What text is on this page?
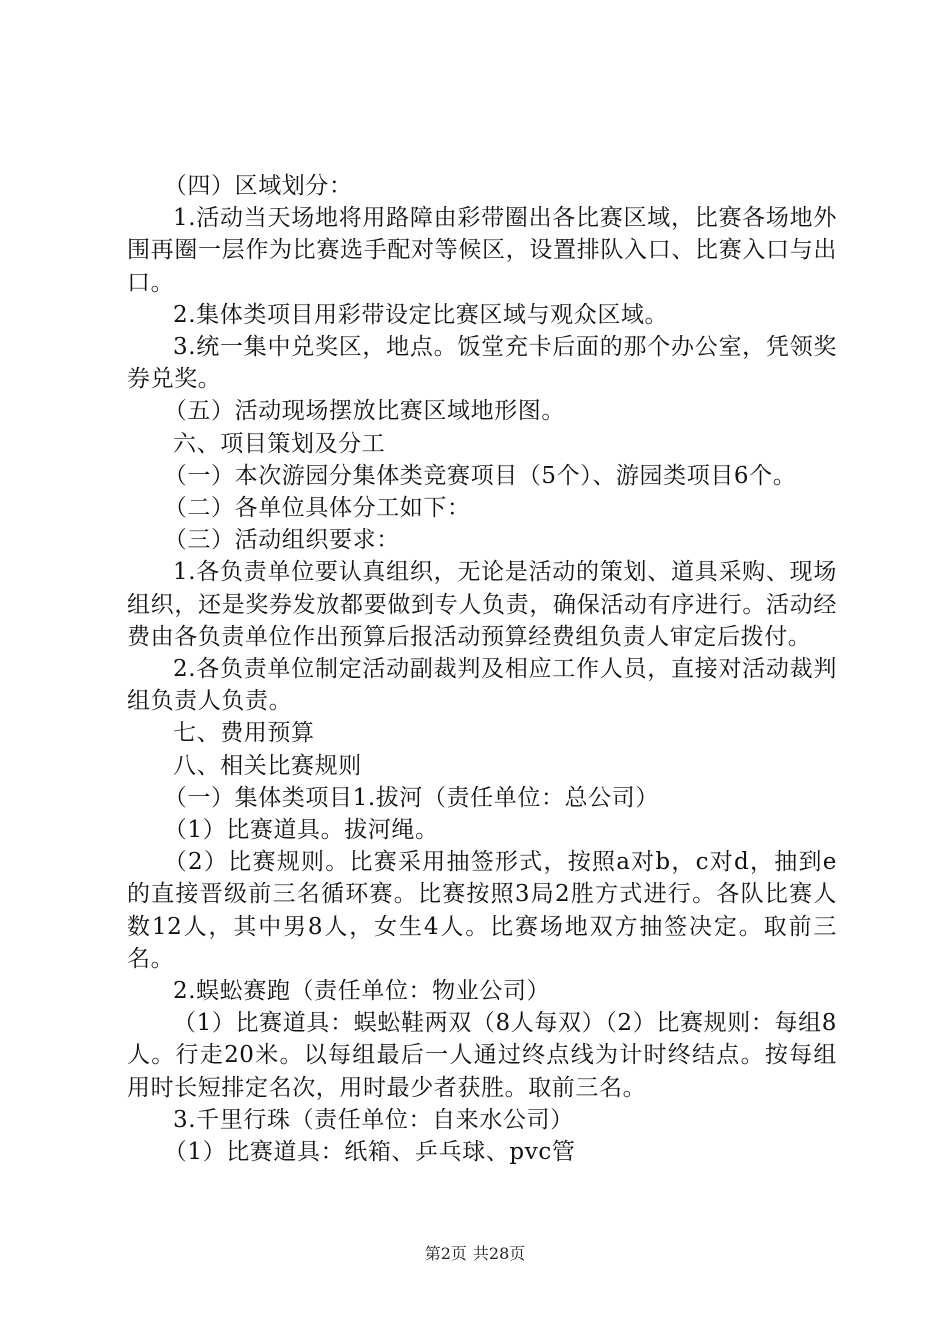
（四）区域划分：

1.活动当天场地将用路障由彩带圈出各比赛区域，比赛各场地外围再圈一层作为比赛选手配对等候区，设置排队入口、比赛入口与出口。

2.集体类项目用彩带设定比赛区域与观众区域。

3.统一集中兑奖区，地点。饭堂充卡后面的那个办公室，凭领奖券兑奖。

（五）活动现场摆放比赛区域地形图。

六、项目策划及分工

（一）本次游园分集体类竞赛项目（5个）、游园类项目6个。

（二）各单位具体分工如下：

（三）活动组织要求：

1.各负责单位要认真组织，无论是活动的策划、道具采购、现场组织，还是奖券发放都要做到专人负责，确保活动有序进行。活动经费由各负责单位作出预算后报活动预算经费组负责人审定后拨付。

2.各负责单位制定活动副裁判及相应工作人员，直接对活动裁判组负责人负责。

七、费用预算

八、相关比赛规则

（一）集体类项目1.拔河（责任单位：总公司）

（1）比赛道具。拔河绳。

（2）比赛规则。比赛采用抽签形式，按照a对b，c对d，抽到e的直接晋级前三名循环赛。比赛按照3局2胜方式进行。各队比赛人数12人，其中男8人，女生4人。比赛场地双方抽签决定。取前三名。

2.蜈蚣赛跑（责任单位：物业公司）

（1）比赛道具：蜈蚣鞋两双（8人每双）（2）比赛规则：每组8人。行走20米。以每组最后一人通过终点线为计时终结点。按每组用时长短排定名次，用时最少者获胜。取前三名。

3.千里行珠（责任单位：自来水公司）

（1）比赛道具：纸箱、乒乓球、pvc管

第2页 共28页
